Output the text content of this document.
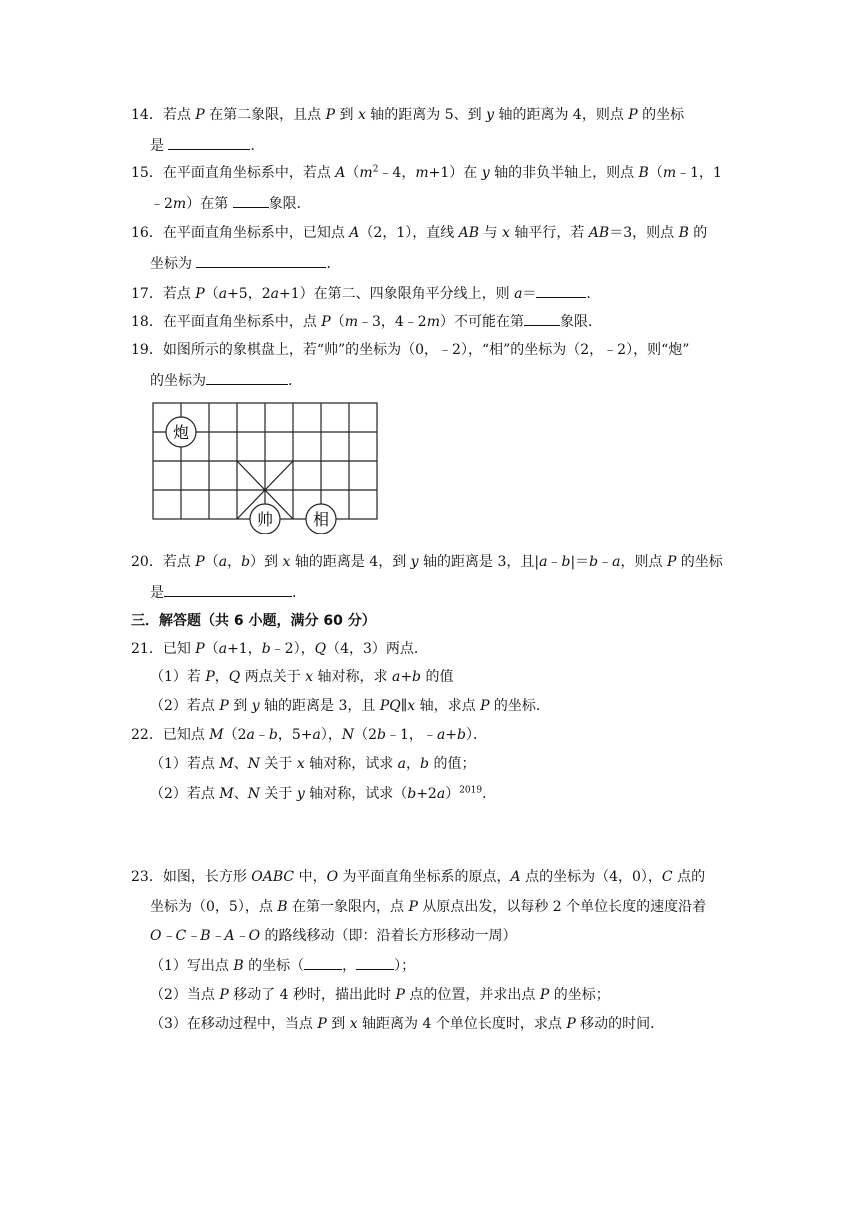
14．若点 P 在第二象限，且点 P 到 x 轴的距离为 5、到 y 轴的距离为 4，则点 P 的坐标
是	．
15．在平面直角坐标系中，若点 $A(m^2﹣4$，m+1）在 y 轴的非负半轴上，则点 B（m﹣1，1
﹣2m）在第	象限．
16．在平面直角坐标系中，已知点 A（2，1），直线 AB 与 x 轴平行，若 AB＝3，则点 B 的
坐标为	．
17．若点 P（a+5，2a+1）在第二、四象限角平分线上，则 a＝	．
18．在平面直角坐标系中，点 P（m﹣3，4﹣2m）不可能在第	象限．
19．如图所示的象棋盘上，若“帅”的坐标为（0，﹣2），“相”的坐标为（2，﹣2），则“炮”
的坐标为	．
炮
帅 相
20．若点 P（a，b）到 x 轴的距离是 4，到 y 轴的距离是 3，且|a﹣b|＝b﹣a，则点 P 的坐标
是	．
三．解答题（共 6 小题，满分 60 分）
21．已知 P（a+1，b﹣2），Q（4，3）两点．
（1）若 P，Q 两点关于 x 轴对称，求 a+b 的值
（2）若点 P 到 y 轴的距离是 3，且 PQ∥x 轴，求点 P 的坐标．
22．已知点 M（2a﹣b，5+a），N（2b﹣1，﹣a+b）．
（1）若点 M、N 关于 x 轴对称，试求 a，b 的值；
（2）若点 M、N 关于 y 轴对称，试求$(b+2a)^{2019}$．
23．如图，长方形 OABC 中，O 为平面直角坐标系的原点，A 点的坐标为（4，0），C 点的
坐标为（0，5），点 B 在第一象限内，点 P 从原点出发，以每秒 2 个单位长度的速度沿着
O﹣C﹣B﹣A﹣O 的路线移动（即：沿着长方形移动一周）
（1）写出点 B 的坐标（	，	）；
（2）当点 P 移动了 4 秒时，描出此时 P 点的位置，并求出点 P 的坐标；
（3）在移动过程中，当点 P 到 x 轴距离为 4 个单位长度时，求点 P 移动的时间．
